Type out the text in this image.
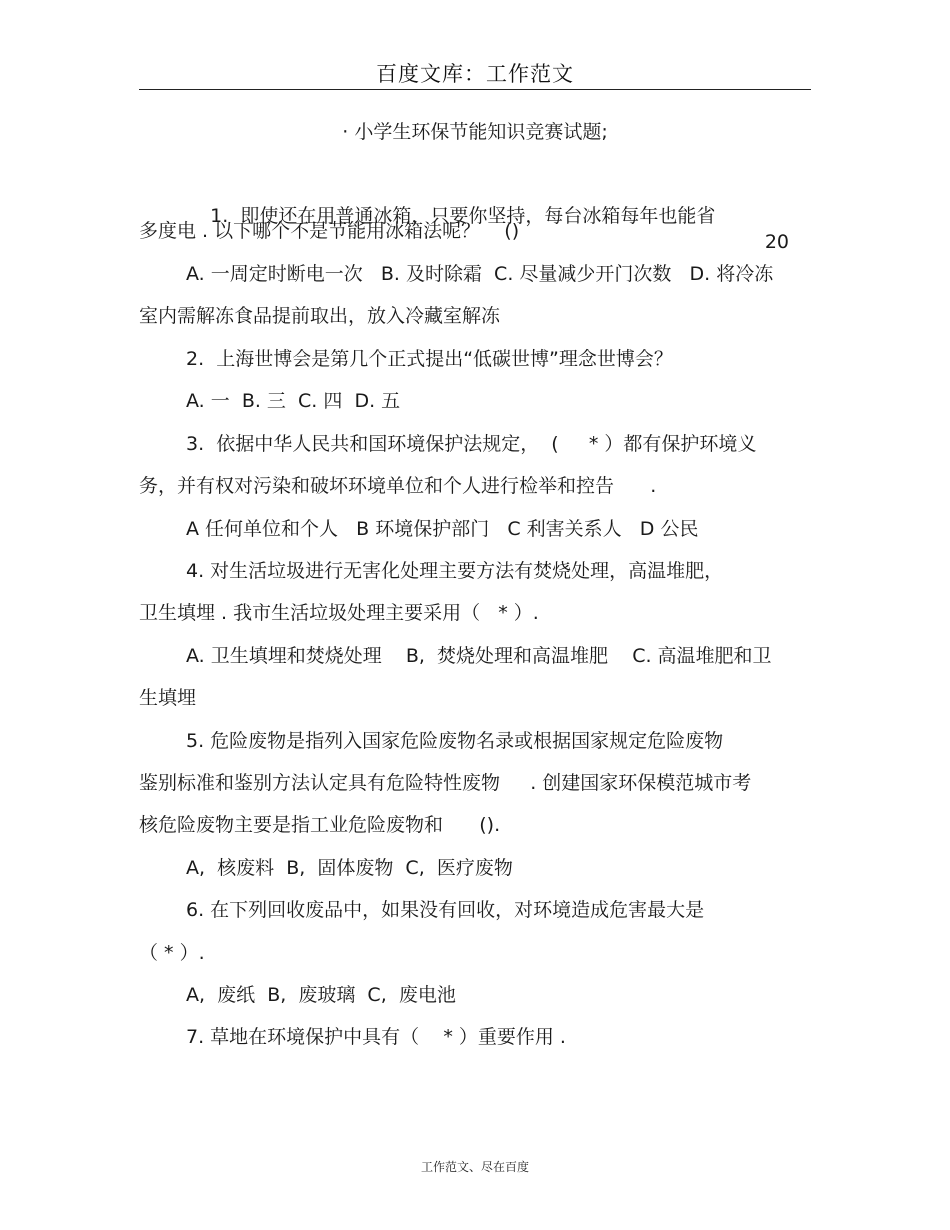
百度文库：工作范文
· 小学生环保节能知识竞赛试题;

1.  即使还在用普通冰箱，只要你坚持，每台冰箱每年也能省

20

多度电 . 以下哪个不是节能用冰箱法呢？    ()
A. 一周定时断电一次   B. 及时除霜  C. 尽量减少开门次数   D. 将冷冻
室内需解冻食品提前取出，放入冷藏室解冻
2.  上海世博会是第几个正式提出“低碳世博”理念世博会？
A. 一  B. 三  C. 四  D. 五
3.  依据中华人民共和国环境保护法规定，  (     * ）都有保护环境义
务，并有权对污染和破坏环境单位和个人进行检举和控告      .
A 任何单位和个人   B 环境保护部门   C 利害关系人   D 公民
4. 对生活垃圾进行无害化处理主要方法有焚烧处理，高温堆肥，
卫生填埋 . 我市生活垃圾处理主要采用（   * ）.
A. 卫生填埋和焚烧处理    B,  焚烧处理和高温堆肥    C. 高温堆肥和卫
生填埋
5. 危险废物是指列入国家危险废物名录或根据国家规定危险废物
鉴别标准和鉴别方法认定具有危险特性废物     . 创建国家环保模范城市考
核危险废物主要是指工业危险废物和      ().
A,  核废料  B,  固体废物  C,  医疗废物
6. 在下列回收废品中，如果没有回收，对环境造成危害最大是
（ * ）.
A,  废纸  B,  废玻璃  C,  废电池
7. 草地在环境保护中具有（    * ）重要作用 .
工作范文、尽在百度
